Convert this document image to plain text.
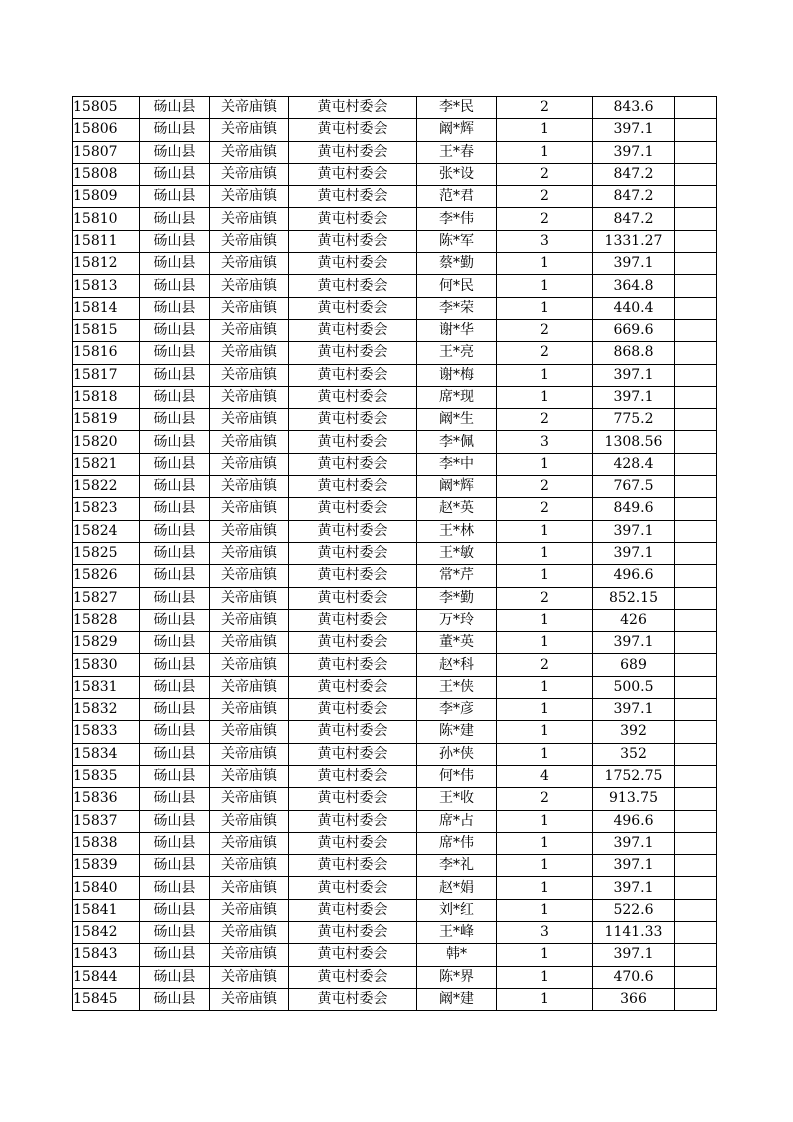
15805	砀山县	关帝庙镇	黄屯村委会	李*民	2	843.6	
15806	砀山县	关帝庙镇	黄屯村委会	阚*辉	1	397.1	
15807	砀山县	关帝庙镇	黄屯村委会	王*春	1	397.1	
15808	砀山县	关帝庙镇	黄屯村委会	张*设	2	847.2	
15809	砀山县	关帝庙镇	黄屯村委会	范*君	2	847.2	
15810	砀山县	关帝庙镇	黄屯村委会	李*伟	2	847.2	
15811	砀山县	关帝庙镇	黄屯村委会	陈*军	3	1331.27	
15812	砀山县	关帝庙镇	黄屯村委会	蔡*勤	1	397.1	
15813	砀山县	关帝庙镇	黄屯村委会	何*民	1	364.8	
15814	砀山县	关帝庙镇	黄屯村委会	李*荣	1	440.4	
15815	砀山县	关帝庙镇	黄屯村委会	谢*华	2	669.6	
15816	砀山县	关帝庙镇	黄屯村委会	王*亮	2	868.8	
15817	砀山县	关帝庙镇	黄屯村委会	谢*梅	1	397.1	
15818	砀山县	关帝庙镇	黄屯村委会	席*现	1	397.1	
15819	砀山县	关帝庙镇	黄屯村委会	阚*生	2	775.2	
15820	砀山县	关帝庙镇	黄屯村委会	李*佩	3	1308.56	
15821	砀山县	关帝庙镇	黄屯村委会	李*中	1	428.4	
15822	砀山县	关帝庙镇	黄屯村委会	阚*辉	2	767.5	
15823	砀山县	关帝庙镇	黄屯村委会	赵*英	2	849.6	
15824	砀山县	关帝庙镇	黄屯村委会	王*林	1	397.1	
15825	砀山县	关帝庙镇	黄屯村委会	王*敏	1	397.1	
15826	砀山县	关帝庙镇	黄屯村委会	常*芹	1	496.6	
15827	砀山县	关帝庙镇	黄屯村委会	李*勤	2	852.15	
15828	砀山县	关帝庙镇	黄屯村委会	万*玲	1	426	
15829	砀山县	关帝庙镇	黄屯村委会	董*英	1	397.1	
15830	砀山县	关帝庙镇	黄屯村委会	赵*科	2	689	
15831	砀山县	关帝庙镇	黄屯村委会	王*侠	1	500.5	
15832	砀山县	关帝庙镇	黄屯村委会	李*彦	1	397.1	
15833	砀山县	关帝庙镇	黄屯村委会	陈*建	1	392	
15834	砀山县	关帝庙镇	黄屯村委会	孙*侠	1	352	
15835	砀山县	关帝庙镇	黄屯村委会	何*伟	4	1752.75	
15836	砀山县	关帝庙镇	黄屯村委会	王*收	2	913.75	
15837	砀山县	关帝庙镇	黄屯村委会	席*占	1	496.6	
15838	砀山县	关帝庙镇	黄屯村委会	席*伟	1	397.1	
15839	砀山县	关帝庙镇	黄屯村委会	李*礼	1	397.1	
15840	砀山县	关帝庙镇	黄屯村委会	赵*娟	1	397.1	
15841	砀山县	关帝庙镇	黄屯村委会	刘*红	1	522.6	
15842	砀山县	关帝庙镇	黄屯村委会	王*峰	3	1141.33	
15843	砀山县	关帝庙镇	黄屯村委会	韩*	1	397.1	
15844	砀山县	关帝庙镇	黄屯村委会	陈*界	1	470.6	
15845	砀山县	关帝庙镇	黄屯村委会	阚*建	1	366	
